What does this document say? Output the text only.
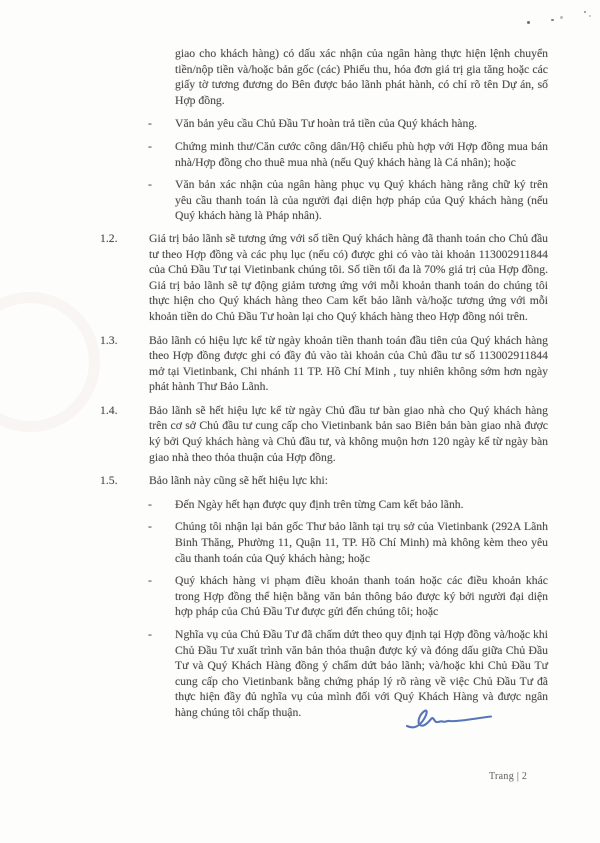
giao cho khách hàng) có dấu xác nhận của ngân hàng thực hiện lệnh chuyển tiền/nộp tiền và/hoặc bản gốc (các) Phiếu thu, hóa đơn giá trị gia tăng hoặc các giấy tờ tương đương do Bên được bảo lãnh phát hành, có chỉ rõ tên Dự án, số Hợp đồng.
-	Văn bản yêu cầu Chủ Đầu Tư hoàn trả tiền của Quý khách hàng.
-	Chứng minh thư/Căn cước công dân/Hộ chiếu phù hợp với Hợp đồng mua bán nhà/Hợp đồng cho thuê mua nhà (nếu Quý khách hàng là Cá nhân); hoặc
-	Văn bản xác nhận của ngân hàng phục vụ Quý khách hàng rằng chữ ký trên yêu cầu thanh toán là của người đại diện hợp pháp của Quý khách hàng (nếu Quý khách hàng là Pháp nhân).
1.2.	Giá trị bảo lãnh sẽ tương ứng với số tiền Quý khách hàng đã thanh toán cho Chủ đầu tư theo Hợp đồng và các phụ lục (nếu có) được ghi có vào tài khoản 113002911844 của Chủ Đầu Tư tại Vietinbank chúng tôi. Số tiền tối đa là 70% giá trị của Hợp đồng. Giá trị bảo lãnh sẽ tự động giảm tương ứng với mỗi khoản thanh toán do chúng tôi thực hiện cho Quý khách hàng theo Cam kết bảo lãnh và/hoặc tương ứng với mỗi khoản tiền do Chủ Đầu Tư hoàn lại cho Quý khách hàng theo Hợp đồng nói trên.
1.3.	Bảo lãnh có hiệu lực kể từ ngày khoản tiền thanh toán đầu tiên của Quý khách hàng theo Hợp đồng được ghi có đầy đủ vào tài khoản của Chủ đầu tư số 113002911844 mở tại Vietinbank, Chi nhánh 11 TP. Hồ Chí Minh , tuy nhiên không sớm hơn ngày phát hành Thư Bảo Lãnh.
1.4.	Bảo lãnh sẽ hết hiệu lực kể từ ngày Chủ đầu tư bàn giao nhà cho Quý khách hàng trên cơ sở Chủ đầu tư cung cấp cho Vietinbank bản sao Biên bản bàn giao nhà được ký bởi Quý khách hàng và Chủ đầu tư, và không muộn hơn 120 ngày kể từ ngày bàn giao nhà theo thỏa thuận của Hợp đồng.
1.5.	Bảo lãnh này cũng sẽ hết hiệu lực khi:
-	Đến Ngày hết hạn được quy định trên từng Cam kết bảo lãnh.
-	Chúng tôi nhận lại bản gốc Thư bảo lãnh tại trụ sở của Vietinbank (292A Lãnh Binh Thăng, Phường 11, Quận 11, TP. Hồ Chí Minh) mà không kèm theo yêu cầu thanh toán của Quý khách hàng; hoặc
-	Quý khách hàng vi phạm điều khoản thanh toán hoặc các điều khoản khác trong Hợp đồng thể hiện bằng văn bản thông báo được ký bởi người đại diện hợp pháp của Chủ Đầu Tư được gửi đến chúng tôi; hoặc
-	Nghĩa vụ của Chủ Đầu Tư đã chấm dứt theo quy định tại Hợp đồng và/hoặc khi Chủ Đầu Tư xuất trình văn bản thỏa thuận được ký và đóng dấu giữa Chủ Đầu Tư và Quý Khách Hàng đồng ý chấm dứt bảo lãnh; và/hoặc khi Chủ Đầu Tư cung cấp cho Vietinbank bằng chứng pháp lý rõ ràng về việc Chủ Đầu Tư đã thực hiện đầy đủ nghĩa vụ của mình đối với Quý Khách Hàng và được ngân hàng chúng tôi chấp thuận.
Trang | 2
